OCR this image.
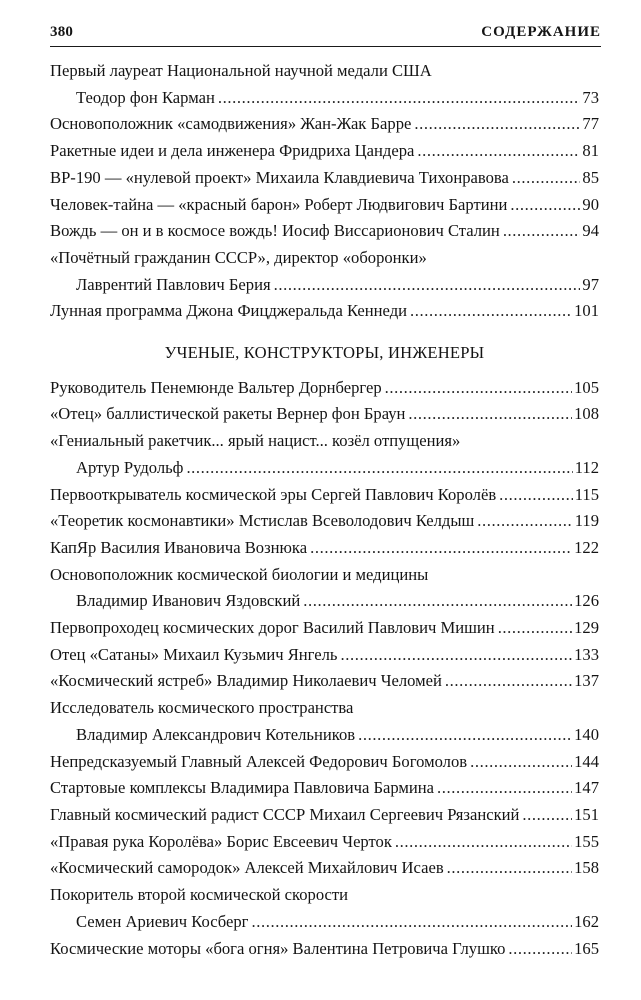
380	СОДЕРЖАНИЕ
Первый лауреат Национальной научной медали США
Теодор фон Карман .....	73
Основоположник «самодвижения» Жан-Жак Барре .....	77
Ракетные идеи и дела инженера Фридриха Цандера .....	81
ВР-190 — «нулевой проект» Михаила Клавдиевича Тихонравова .....	85
Человек-тайна — «красный барон» Роберт Людвигович Бартини .....	90
Вождь — он и в космосе вождь! Иосиф Виссарионович Сталин .....	94
«Почётный гражданин СССР», директор «оборонки»
Лаврентий Павлович Берия .....	97
Лунная программа Джона Фицджеральда Кеннеди .....	101
УЧЕНЫЕ, КОНСТРУКТОРЫ, ИНЖЕНЕРЫ
Руководитель Пенемюнде Вальтер Дорнбергер .....	105
«Отец» баллистической ракеты Вернер фон Браун .....	108
«Гениальный ракетчик... ярый нацист... козёл отпущения»
Артур Рудольф .....	112
Первооткрыватель космической эры Сергей Павлович Королёв .....	115
«Теоретик космонавтики» Мстислав Всеволодович Келдыш .....	119
КапЯр Василия Ивановича Вознюка .....	122
Основоположник космической биологии и медицины
Владимир Иванович Яздовский .....	126
Первопроходец космических дорог Василий Павлович Мишин .....	129
Отец «Сатаны» Михаил Кузьмич Янгель .....	133
«Космический ястреб» Владимир Николаевич Челомей .....	137
Исследователь космического пространства
Владимир Александрович Котельников .....	140
Непредсказуемый Главный Алексей Федорович Богомолов .....	144
Стартовые комплексы Владимира Павловича Бармина .....	147
Главный космический радист СССР Михаил Сергеевич Рязанский .....	151
«Правая рука Королёва» Борис Евсеевич Черток .....	155
«Космический самородок» Алексей Михайлович Исаев .....	158
Покоритель второй космической скорости
Семен Ариевич Косберг .....	162
Космические моторы «бога огня» Валентина Петровича Глушко .....	165
